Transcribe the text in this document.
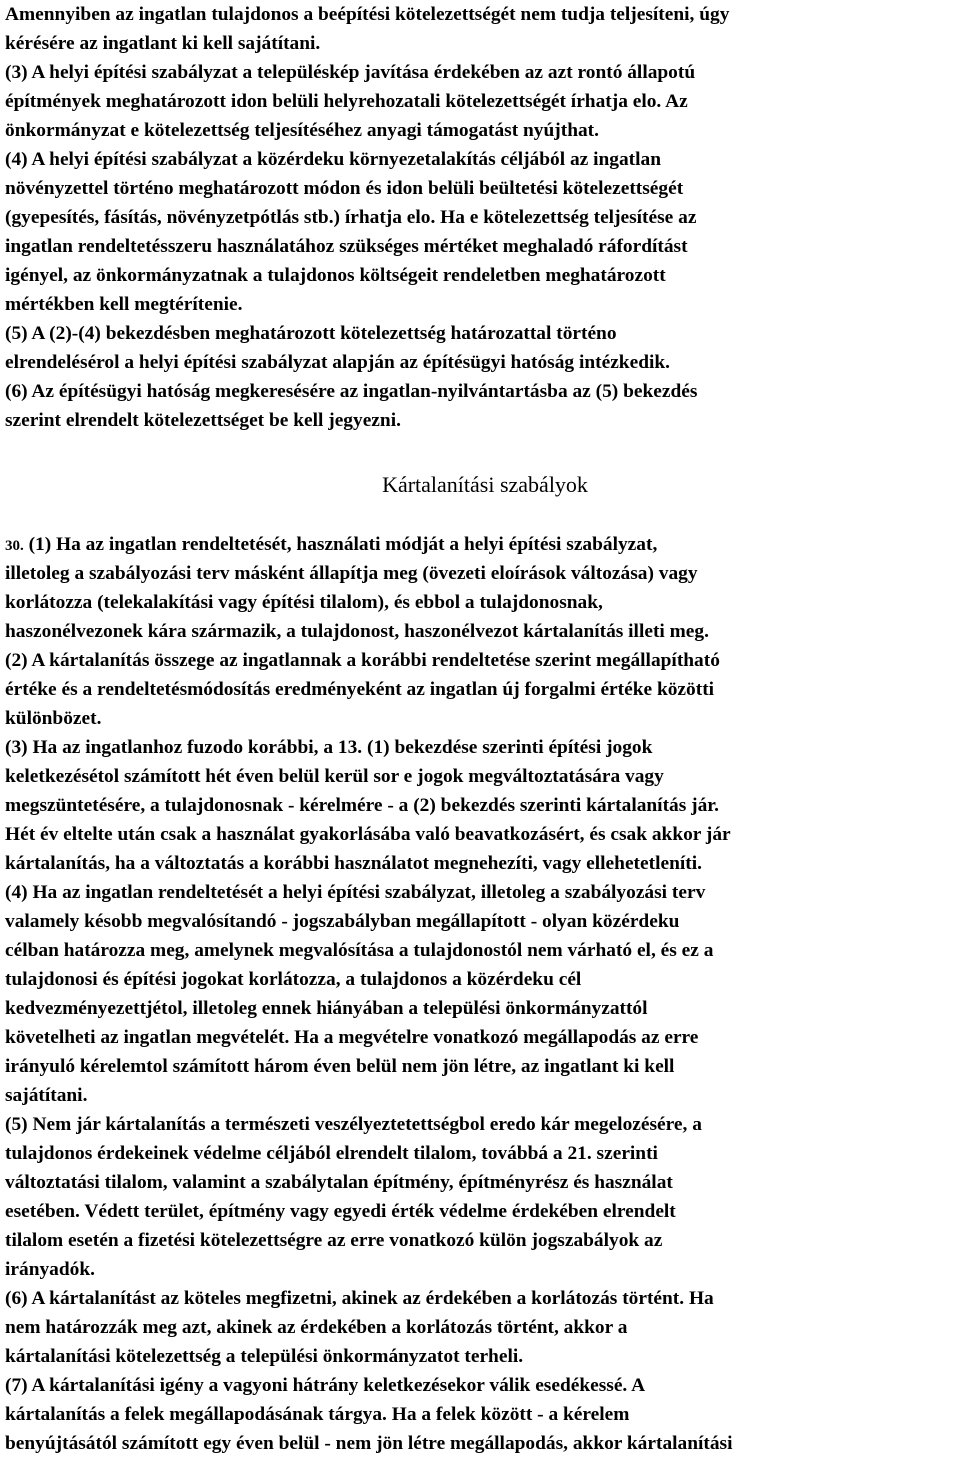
Amennyiben az ingatlan tulajdonos a beépítési kötelezettségét nem tudja teljesíteni, úgy
kérésére az ingatlant ki kell sajátítani.
(3) A helyi építési szabályzat a településkép javítása érdekében az azt rontó állapotú
építmények meghatározott idon belüli helyrehozatali kötelezettségét írhatja elo. Az
önkormányzat e kötelezettség teljesítéséhez anyagi támogatást nyújthat.
(4) A helyi építési szabályzat a közérdeku környezetalakítás céljából az ingatlan
növényzettel történo meghatározott módon és idon belüli beültetési kötelezettségét
(gyepesítés, fásítás, növényzetpótlás stb.) írhatja elo. Ha e kötelezettség teljesítése az
ingatlan rendeltetésszeru használatához szükséges mértéket meghaladó ráfordítást
igényel, az önkormányzatnak a tulajdonos költségeit rendeletben meghatározott
mértékben kell megtérítenie.
(5) A (2)-(4) bekezdésben meghatározott kötelezettség határozattal történo
elrendelésérol a helyi építési szabályzat alapján az építésügyi hatóság intézkedik.
(6) Az építésügyi hatóság megkeresésére az ingatlan-nyilvántartásba az (5) bekezdés
szerint elrendelt kötelezettséget be kell jegyezni.
Kártalanítási szabályok
30. (1) Ha az ingatlan rendeltetését, használati módját a helyi építési szabályzat,
illetoleg a szabályozási terv másként állapítja meg (övezeti eloírások változása) vagy
korlátozza (telekalakítási vagy építési tilalom), és ebbol a tulajdonosnak,
haszonélvezonek kára származik, a tulajdonost, haszonélvezot kártalanítás illeti meg.
(2) A kártalanítás összege az ingatlannak a korábbi rendeltetése szerint megállapítható
értéke és a rendeltetésmódosítás eredményeként az ingatlan új forgalmi értéke közötti
különbözet.
(3) Ha az ingatlanhoz fuzodo korábbi, a 13. (1) bekezdése szerinti építési jogok
keletkezésétol számított hét éven belül kerül sor e jogok megváltoztatására vagy
megszüntetésére, a tulajdonosnak - kérelmére - a (2) bekezdés szerinti kártalanítás jár.
Hét év eltelte után csak a használat gyakorlásába való beavatkozásért, és csak akkor jár
kártalanítás, ha a változtatás a korábbi használatot megnehezíti, vagy ellehetetleníti.
(4) Ha az ingatlan rendeltetését a helyi építési szabályzat, illetoleg a szabályozási terv
valamely késobb megvalósítandó - jogszabályban megállapított - olyan közérdeku
célban határozza meg, amelynek megvalósítása a tulajdonostól nem várható el, és ez a
tulajdonosi és építési jogokat korlátozza, a tulajdonos a közérdeku cél
kedvezményezettjétol, illetoleg ennek hiányában a települési önkormányzattól
követelheti az ingatlan megvételét. Ha a megvételre vonatkozó megállapodás az erre
irányuló kérelemtol számított három éven belül nem jön létre, az ingatlant ki kell
sajátítani.
(5) Nem jár kártalanítás a természeti veszélyeztetettségbol eredo kár megelozésére, a
tulajdonos érdekeinek védelme céljából elrendelt tilalom, továbbá a 21. szerinti
változtatási tilalom, valamint a szabálytalan építmény, építményrész és használat
esetében. Védett terület, építmény vagy egyedi érték védelme érdekében elrendelt
tilalom esetén a fizetési kötelezettségre az erre vonatkozó külön jogszabályok az
irányadók.
(6) A kártalanítást az köteles megfizetni, akinek az érdekében a korlátozás történt. Ha
nem határozzák meg azt, akinek az érdekében a korlátozás történt, akkor a
kártalanítási kötelezettség a települési önkormányzatot terheli.
(7) A kártalanítási igény a vagyoni hátrány keletkezésekor válik esedékessé. A
kártalanítás a felek megállapodásának tárgya. Ha a felek között - a kérelem
benyújtásától számított egy éven belül - nem jön létre megállapodás, akkor kártalanítási
